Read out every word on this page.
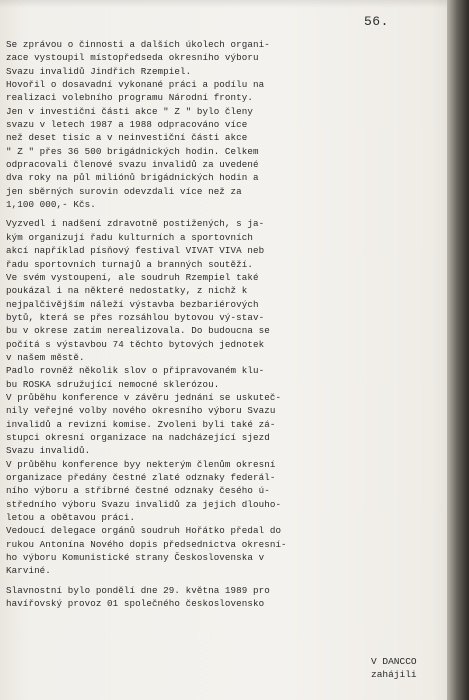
56.
Se zprávou o činnosti a dalších úkolech organi-
zace vystoupil místopředseda okresního výboru
Svazu invalidů Jindřich Rzempiel.
Hovořil o dosavadní vykonané práci a podílu na
realizaci volebního programu Národní fronty.
Jen v investiční části akce " Z " bylo členy
svazu v letech 1987 a 1988 odpracováno více
než deset tisíc a v neinvestiční části akce
" Z " přes 36 500 brigádnických hodin. Celkem
odpracovali členové svazu invalidů za uvedené
dva roky na půl miliónů brigádnických hodin a
jen sběrných surovin odevzdali více než za
1,100 000,- Kčs.
Vyzvedl i nadšení zdravotně postižených, s ja-
kým organizují řadu kulturních a sportovních
akcí například písňový festival VIVAT VIVA neb
řadu sportovních turnajů a branných soutěží.
Ve svém vystoupení, ale soudruh Rzempiel také
poukázal i na některé nedostatky, z nichž k
nejpalčivějším náleží výstavba bezbariérových
bytů, která se přes rozsáhlou bytovou vý-stav-
bu v okrese zatím nerealizovala. Do budoucna se
počítá s výstavbou 74 těchto bytových jednotek
v našem městě.
Padlo rovněž několik slov o připravovaném klu-
bu ROSKA sdružující nemocné sklerózou.
V průběhu konference v závěru jednání se uskuteč-
nily veřejné volby nového okresního výboru Svazu
invalidů a revizní komise. Zvoleni byli také zá-
stupci okresní organizace na nadcházející sjezd
Svazu invalidů.
V průběhu konference byy nekterým členům okresní
organizace předány čestné zlaté odznaky federál-
ního výboru a stříbrné čestné odznaky česého ú-
středního výboru Svazu invalidů za jejich dlouho-
letou a obětavou práci.
Vedoucí delegace orgánů soudruh Hořátko předal do
rukou Antonína Nového dopis předsednictva okresní-
ho výboru Komunistické strany Československa v
Karviné.
Slavnostní bylo pondělí dne 29. května 1989 pro
havířovský provoz 01 společného československo
V DANCCO
zahájili
